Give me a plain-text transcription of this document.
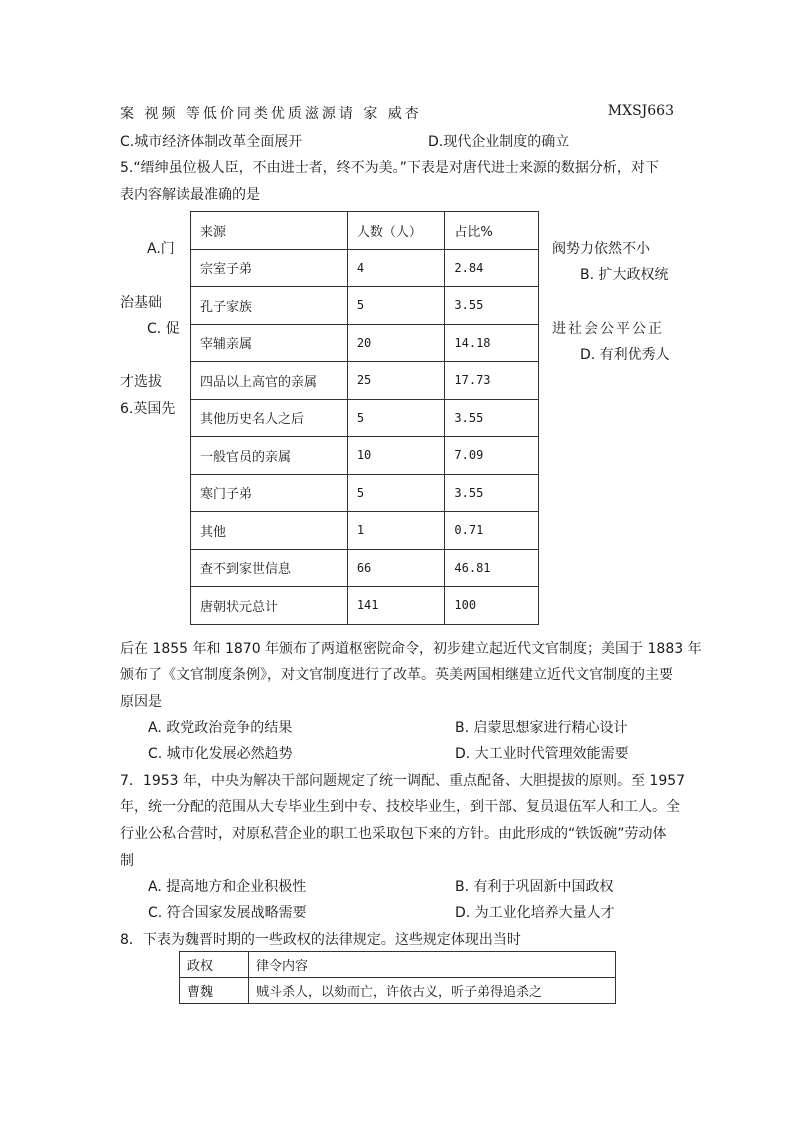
案 视频 等低价同类优质滋源请 家 威杏	MXSJ663
C.城市经济体制改革全面展开	D.现代企业制度的确立
5.“缙绅虽位极人臣，不由进士者，终不为美。”下表是对唐代进士来源的数据分析，对下
表内容解读最准确的是
A.门	阀势力依然不小
B. 扩大政权统
治基础
C. 促	进社会公平公正
D. 有利优秀人
才选拔
6.英国先
来源	人数（人）	占比%
宗室子弟	4	2.84
孔子家族	5	3.55
宰辅亲属	20	14.18
四品以上高官的亲属	25	17.73
其他历史名人之后	5	3.55
一般官员的亲属	10	7.09
寒门子弟	5	3.55
其他	1	0.71
查不到家世信息	66	46.81
唐朝状元总计	141	100
后在 1855 年和 1870 年颁布了两道枢密院命令，初步建立起近代文官制度；美国于 1883 年
颁布了《文官制度条例》，对文官制度进行了改革。英美两国相继建立近代文官制度的主要
原因是
A. 政党政治竞争的结果	B. 启蒙思想家进行精心设计
C. 城市化发展必然趋势	D. 大工业时代管理效能需要
7．1953 年，中央为解决干部问题规定了统一调配、重点配备、大胆提拔的原则。至 1957
年，统一分配的范围从大专毕业生到中专、技校毕业生，到干部、复员退伍军人和工人。全
行业公私合营时，对原私营企业的职工也采取包下来的方针。由此形成的“铁饭碗”劳动体
制
A. 提高地方和企业积极性	B. 有利于巩固新中国政权
C. 符合国家发展战略需要	D. 为工业化培养大量人才
8．下表为魏晋时期的一些政权的法律规定。这些规定体现出当时
政权	律令内容
曹魏	贼斗杀人，以劾而亡，许依古义，听子弟得追杀之
